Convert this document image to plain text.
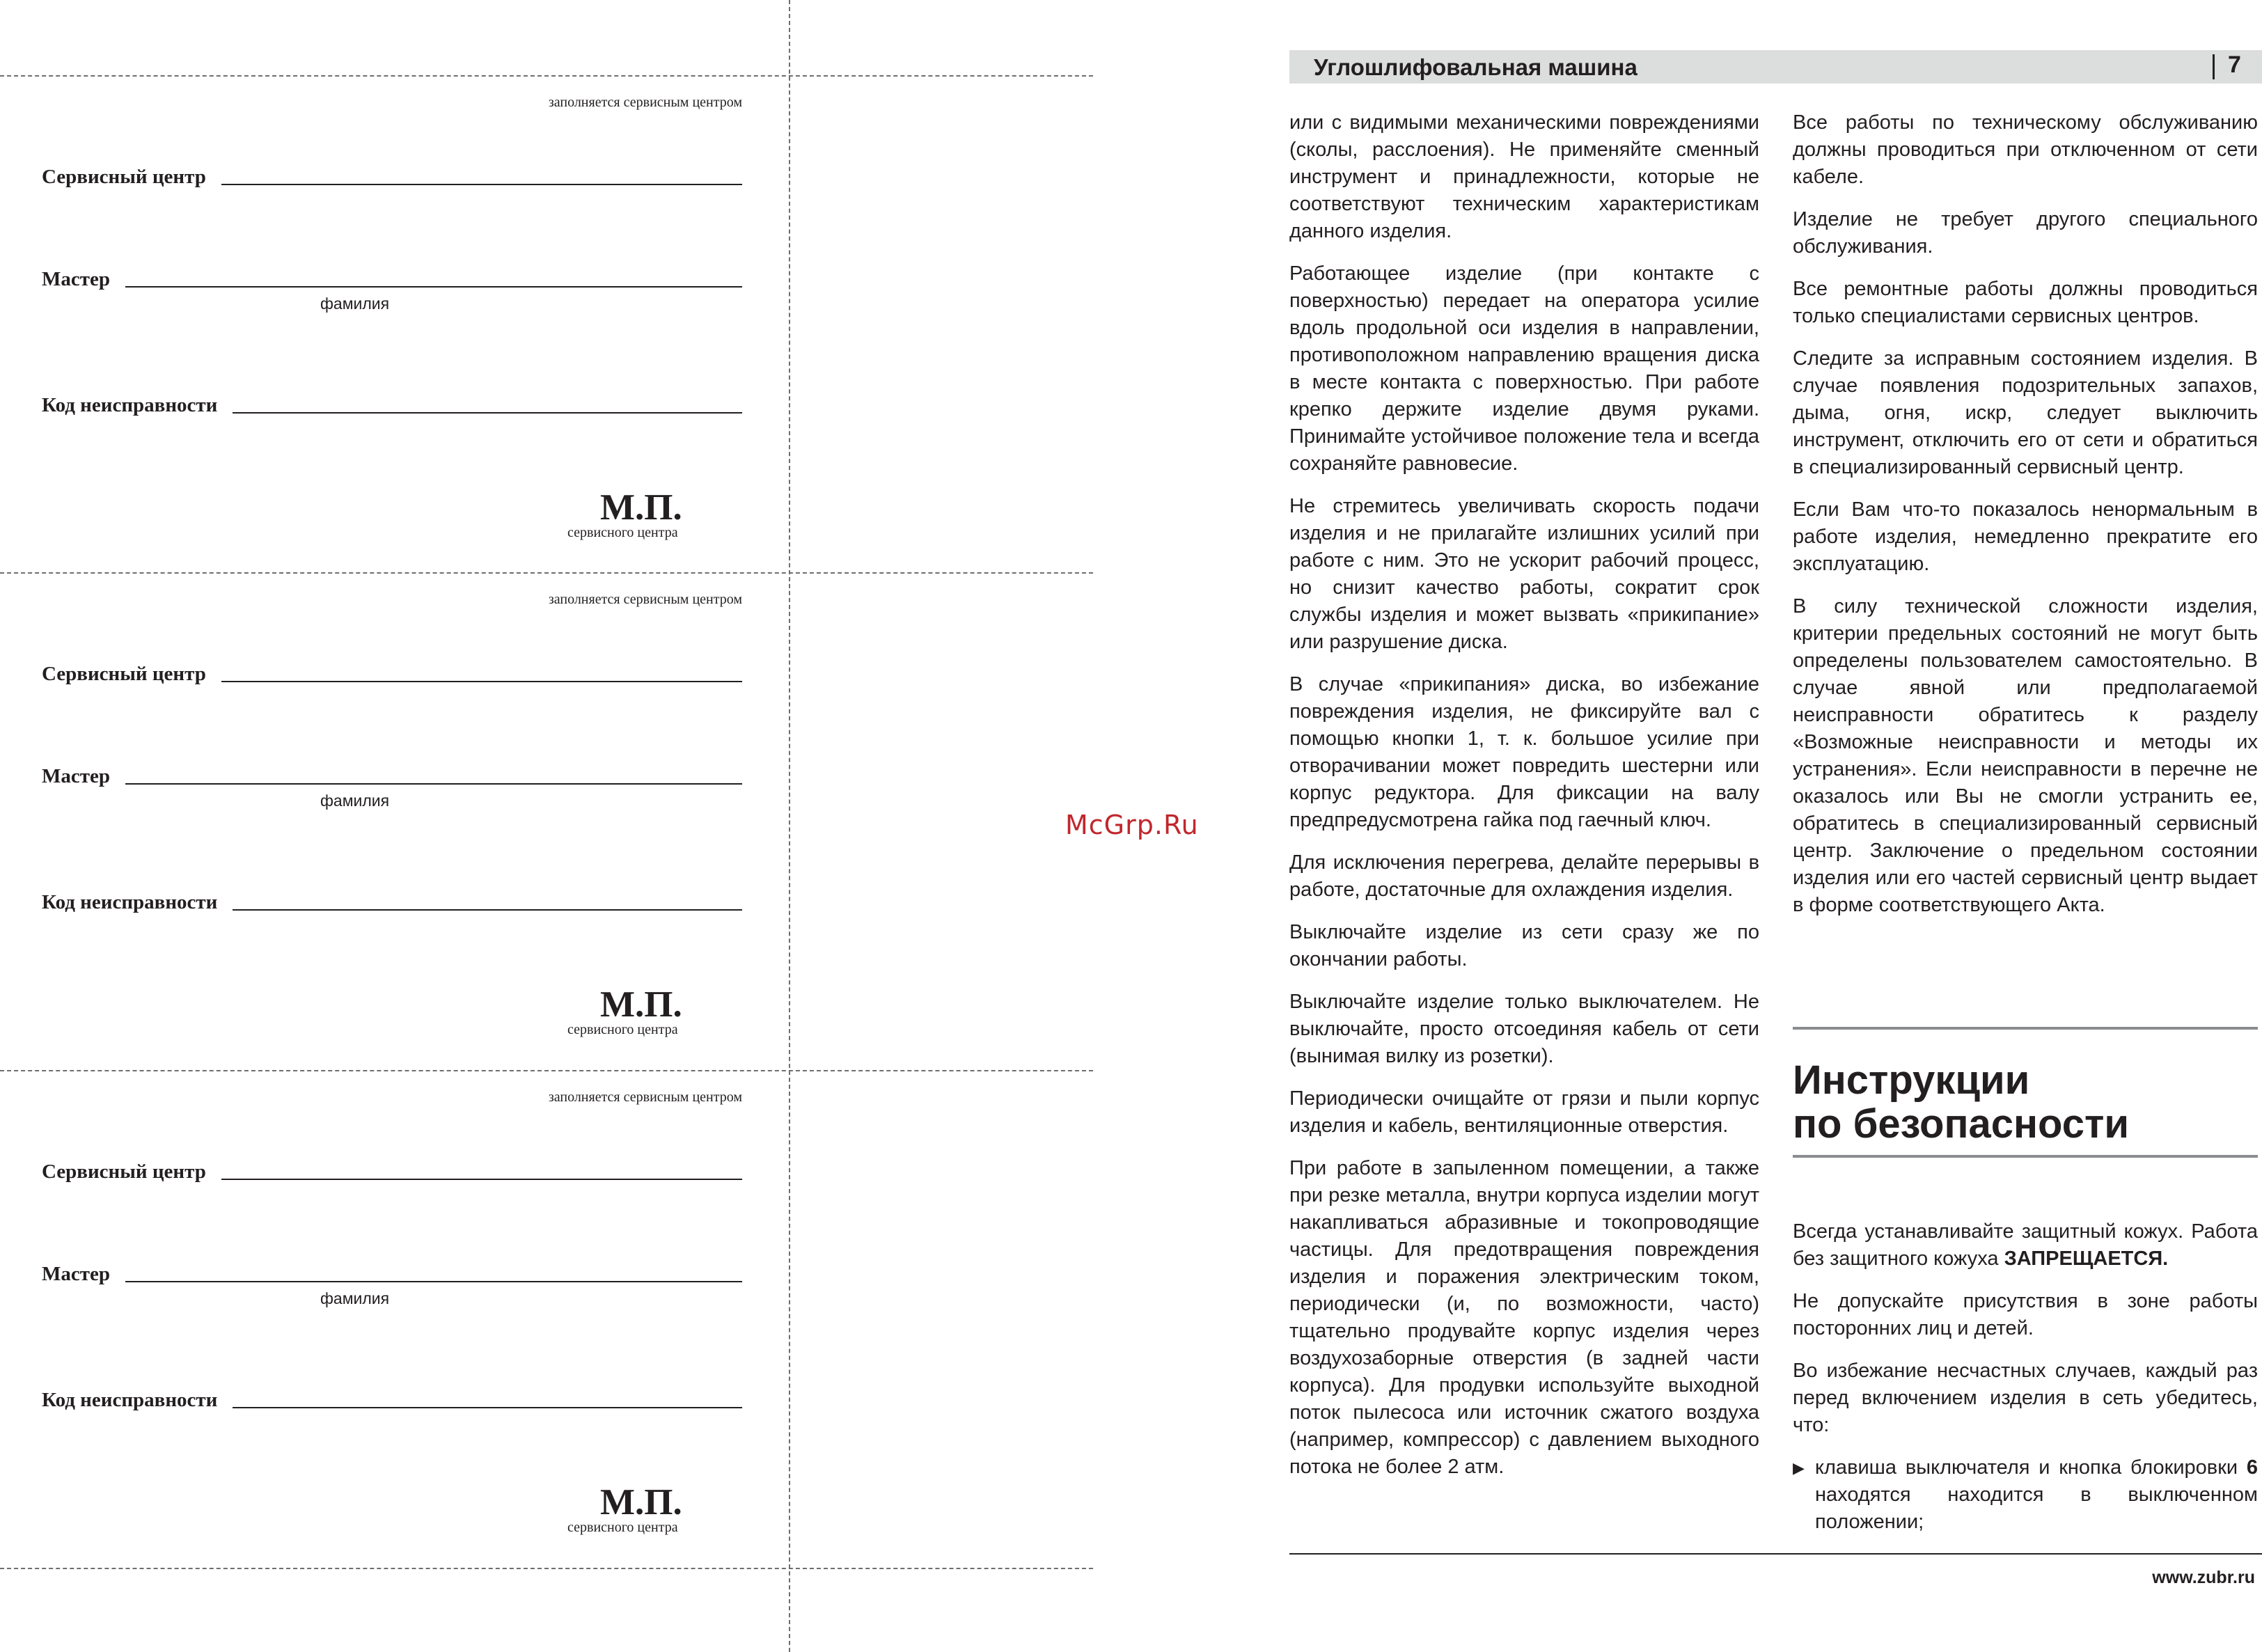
заполняется сервисным центром
Сервисный центр
Мастер
фамилия
Код неисправности
М.П.
сервисного центра
заполняется сервисным центром
Сервисный центр
Мастер
фамилия
Код неисправности
М.П.
сервисного центра
заполняется сервисным центром
Сервисный центр
Мастер
фамилия
Код неисправности
М.П.
сервисного центра
McGrp.Ru
Углошлифовальная машина	7

или с видимыми механическими повреждениями (сколы, расслоения). Не применяйте сменный инструмент и принадлежности, которые не соответствуют техническим характеристикам данного изделия.

Работающее изделие (при контакте с поверхностью) передает на оператора усилие вдоль продольной оси изделия в направлении, противоположном направлению вращения диска в месте контакта с поверхностью. При работе крепко держите изделие двумя руками. Принимайте устойчивое положение тела и всегда сохраняйте равновесие.

Не стремитесь увеличивать скорость подачи изделия и не прилагайте излишних усилий при работе с ним. Это не ускорит рабочий процесс, но снизит качество работы, сократит срок службы изделия и может вызвать «прикипание» или разрушение диска.

В случае «прикипания» диска, во избежание повреждения изделия, не фиксируйте вал с помощью кнопки 1, т. к. большое усилие при отворачивании может повредить шестерни или корпус редуктора. Для фиксации на валу предпредусмотрена гайка под гаечный ключ.

Для исключения перегрева, делайте перерывы в работе, достаточные для охлаждения изделия.

Выключайте изделие из сети сразу же по окончании работы.

Выключайте изделие только выключателем. Не выключайте, просто отсоединяя кабель от сети (вынимая вилку из розетки).

Периодически очищайте от грязи и пыли корпус изделия и кабель, вентиляционные отверстия.

При работе в запыленном помещении, а также при резке металла, внутри корпуса изделии могут накапливаться абразивные и токопроводящие частицы. Для предотвращения повреждения изделия и поражения электрическим током, периодически (и, по возможности, часто) тщательно продувайте корпус изделия через воздухозаборные отверстия (в задней части корпуса). Для продувки используйте выходной поток пылесоса или источник сжатого воздуха (например, компрессор) с давлением выходного потока не более 2 атм.

Все работы по техническому обслуживанию должны проводиться при отключенном от сети кабеле.

Изделие не требует другого специального обслуживания.

Все ремонтные работы должны проводиться только специалистами сервисных центров.

Следите за исправным состоянием изделия. В случае появления подозрительных запахов, дыма, огня, искр, следует выключить инструмент, отключить его от сети и обратиться в специализированный сервисный центр.

Если Вам что-то показалось ненормальным в работе изделия, немедленно прекратите его эксплуатацию.

В силу технической сложности изделия, критерии предельных состояний не могут быть определены пользователем самостоятельно. В случае явной или предполагаемой неисправности обратитесь к разделу «Возможные неисправности и методы их устранения». Если неисправности в перечне не оказалось или Вы не смогли устранить ее, обратитесь в специализированный сервисный центр. Заключение о предельном состоянии изделия или его частей сервисный центр выдает в форме соответствующего Акта.

Инструкции
по безопасности

Всегда устанавливайте защитный кожух. Работа без защитного кожуха ЗАПРЕЩАЕТСЯ.

Не допускайте присутствия в зоне работы посторонних лиц и детей.

Во избежание несчастных случаев, каждый раз перед включением изделия в сеть убедитесь, что:

▶ клавиша выключателя и кнопка блокировки 6 находятся находится в выключенном положении;
www.zubr.ru
